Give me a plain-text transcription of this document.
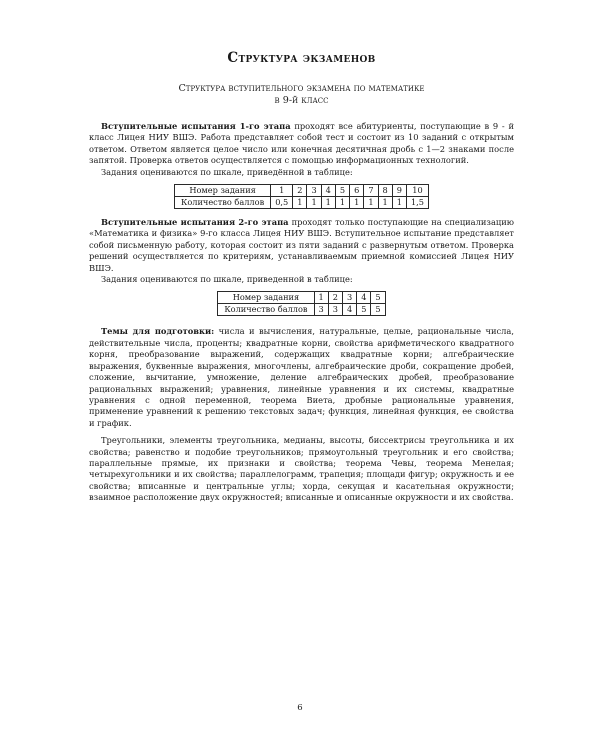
Структура экзаменов
Структура вступительного экзамена по математике
в 9-й класс

Вступительные испытания 1-го этапа проходят все абитуриенты, поступающие в 9 - й класс Лицея НИУ ВШЭ. Работа представляет собой тест и состоит из 10 заданий с открытым ответом. Ответом является целое число или конечная десятичная дробь с 1—2 знаками после запятой. Проверка ответов осуществляется с помощью информационных технологий.

Задания оцениваются по шкале, приведённой в таблице:

Номер задания	1	2	3	4	5	6	7	8	9	10
Количество баллов	0,5	1	1	1	1	1	1	1	1	1,5

Вступительные испытания 2-го этапа проходят только поступающие на специализацию «Математика и физика» 9-го класса Лицея НИУ ВШЭ. Вступительное испытание представляет собой письменную работу, которая состоит из пяти заданий с развернутым ответом. Проверка решений осуществляется по критериям, устанавливаемым приемной комиссией Лицея НИУ ВШЭ.

Задания оцениваются по шкале, приведенной в таблице:

Номер задания	1	2	3	4	5
Количество баллов	3	3	4	5	5

Темы для подготовки: числа и вычисления, натуральные, целые, рациональные числа, действительные числа, проценты; квадратные корни, свойства арифметического квадратного корня, преобразование выражений, содержащих квадратные корни; алгебраические выражения, буквенные выражения, многочлены, алгебраические дроби, сокращение дробей, сложение, вычитание, умножение, деление алгебраических дробей, преобразование рациональных выражений; уравнения, линейные уравнения и их системы, квадратные уравнения с одной переменной, теорема Виета, дробные рациональные уравнения, применение уравнений к решению текстовых задач; функция, линейная функция, ее свойства и график.

Треугольники, элементы треугольника, медианы, высоты, биссектрисы треугольника и их свойства; равенство и подобие треугольников; прямоугольный треугольник и его свойства; параллельные прямые, их признаки и свойства; теорема Чевы, теорема Менелая; четырехугольники и их свойства; параллелограмм, трапеция; площади фигур; окружность и ее свойства; вписанные и центральные углы; хорда, секущая и касательная окружности; взаимное расположение двух окружностей; вписанные и описанные окружности и их свойства.

6
